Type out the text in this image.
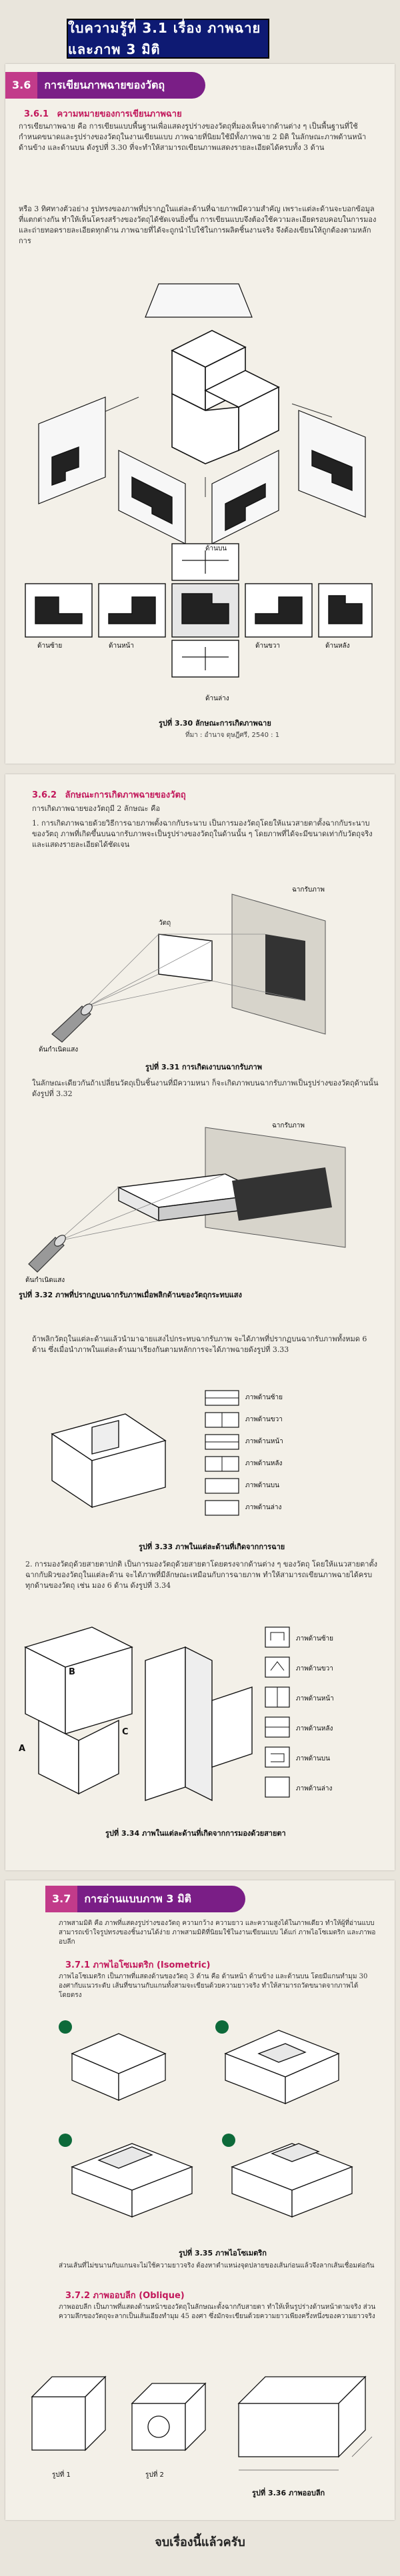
ใบความรู้ที่ 3.1 เรื่อง ภาพฉายและภาพ 3 มิติ
3.6	การเขียนภาพฉายของวัตถุ
3.6.1 ความหมายของการเขียนภาพฉาย
การเขียนภาพฉาย คือ การเขียนแบบพื้นฐานเพื่อแสดงรูปร่างของวัตถุที่มองเห็นจากด้านต่าง ๆ เป็นพื้นฐานที่ใช้กำหนดขนาดและรูปร่างของวัตถุในงานเขียนแบบ ภาพฉายที่นิยมใช้มีทั้งภาพฉาย 2 มิติ ในลักษณะภาพด้านหน้า ด้านข้าง และด้านบน ดังรูปที่ 3.30 ที่จะทำให้สามารถเขียนภาพแสดงรายละเอียดได้ครบทั้ง 3 ด้าน
หรือ 3 ทิศทางตัวอย่าง รูปทรงของภาพที่ปรากฏในแต่ละด้านที่ฉายภาพมีความสำคัญ เพราะแต่ละด้านจะบอกข้อมูลที่แตกต่างกัน ทำให้เห็นโครงสร้างของวัตถุได้ชัดเจนยิ่งขึ้น การเขียนแบบจึงต้องใช้ความละเอียดรอบคอบในการมองและถ่ายทอดรายละเอียดทุกด้าน ภาพฉายที่ได้จะถูกนำไปใช้ในการผลิตชิ้นงานจริง จึงต้องเขียนให้ถูกต้องตามหลักการ
ด้านบน
ด้านซ้าย	ด้านหน้า	ด้านขวา	ด้านหลัง
ด้านล่าง
รูปที่ 3.30 ลักษณะการเกิดภาพฉาย
ที่มา : อำนาจ ดุษฎีศรี, 2540 : 1
3.6.2 ลักษณะการเกิดภาพฉายของวัตถุ
การเกิดภาพฉายของวัตถุมี 2 ลักษณะ คือ
1. การเกิดภาพฉายด้วยวิธีการฉายภาพตั้งฉากกับระนาบ เป็นการมองวัตถุโดยให้แนวสายตาตั้งฉากกับระนาบของวัตถุ ภาพที่เกิดขึ้นบนฉากรับภาพจะเป็นรูปร่างของวัตถุในด้านนั้น ๆ โดยภาพที่ได้จะมีขนาดเท่ากับวัตถุจริงและแสดงรายละเอียดได้ชัดเจน
ฉากรับภาพ
วัตถุ
ต้นกำเนิดแสง
รูปที่ 3.31 การเกิดเงาบนฉากรับภาพ
ในลักษณะเดียวกันถ้าเปลี่ยนวัตถุเป็นชิ้นงานที่มีความหนา ก็จะเกิดภาพบนฉากรับภาพเป็นรูปร่างของวัตถุด้านนั้น ดังรูปที่ 3.32
ฉากรับภาพ
ต้นกำเนิดแสง
รูปที่ 3.32 ภาพที่ปรากฏบนฉากรับภาพเมื่อพลิกด้านของวัตถุกระทบแสง
ถ้าพลิกวัตถุในแต่ละด้านแล้วนำมาฉายแสงไปกระทบฉากรับภาพ จะได้ภาพที่ปรากฏบนฉากรับภาพทั้งหมด 6 ด้าน ซึ่งเมื่อนำภาพในแต่ละด้านมาเรียงกันตามหลักการจะได้ภาพฉายดังรูปที่ 3.33
ภาพด้านซ้าย
ภาพด้านขวา
ภาพด้านหน้า
ภาพด้านหลัง
ภาพด้านบน
ภาพด้านล่าง
รูปที่ 3.33 ภาพในแต่ละด้านที่เกิดจากการฉาย
2. การมองวัตถุด้วยสายตาปกติ เป็นการมองวัตถุด้วยสายตาโดยตรงจากด้านต่าง ๆ ของวัตถุ โดยให้แนวสายตาตั้งฉากกับผิวของวัตถุในแต่ละด้าน จะได้ภาพที่มีลักษณะเหมือนกับการฉายภาพ ทำให้สามารถเขียนภาพฉายได้ครบทุกด้านของวัตถุ เช่น มอง 6 ด้าน ดังรูปที่ 3.34
A
B
C
ภาพด้านซ้าย
ภาพด้านขวา
ภาพด้านหน้า
ภาพด้านหลัง
ภาพด้านบน
ภาพด้านล่าง
รูปที่ 3.34 ภาพในแต่ละด้านที่เกิดจากการมองด้วยสายตา
3.7	การอ่านแบบภาพ 3 มิติ
ภาพสามมิติ คือ ภาพที่แสดงรูปร่างของวัตถุ ความกว้าง ความยาว และความสูงได้ในภาพเดียว ทำให้ผู้ที่อ่านแบบสามารถเข้าใจรูปทรงของชิ้นงานได้ง่าย ภาพสามมิติที่นิยมใช้ในงานเขียนแบบ ได้แก่ ภาพไอโซเมตริก และภาพออบลีก
3.7.1 ภาพไอโซเมตริก (Isometric)
ภาพไอโซเมตริก เป็นภาพที่แสดงด้านของวัตถุ 3 ด้าน คือ ด้านหน้า ด้านข้าง และด้านบน โดยมีแกนทำมุม 30 องศากับแนวระดับ เส้นที่ขนานกับแกนทั้งสามจะเขียนด้วยความยาวจริง ทำให้สามารถวัดขนาดจากภาพได้โดยตรง
รูปที่ 3.35 ภาพไอโซเมตริก
ส่วนเส้นที่ไม่ขนานกับแกนจะไม่ใช้ความยาวจริง ต้องหาตำแหน่งจุดปลายของเส้นก่อนแล้วจึงลากเส้นเชื่อมต่อกัน
3.7.2 ภาพออบลีก (Oblique)
ภาพออบลีก เป็นภาพที่แสดงด้านหน้าของวัตถุในลักษณะตั้งฉากกับสายตา ทำให้เห็นรูปร่างด้านหน้าตามจริง ส่วนความลึกของวัตถุจะลากเป็นเส้นเอียงทำมุม 45 องศา ซึ่งมักจะเขียนด้วยความยาวเพียงครึ่งหนึ่งของความยาวจริง
รูปที่ 1	รูปที่ 2
รูปที่ 3.36 ภาพออบลีก
จบเรื่องนี้แล้วครับ
